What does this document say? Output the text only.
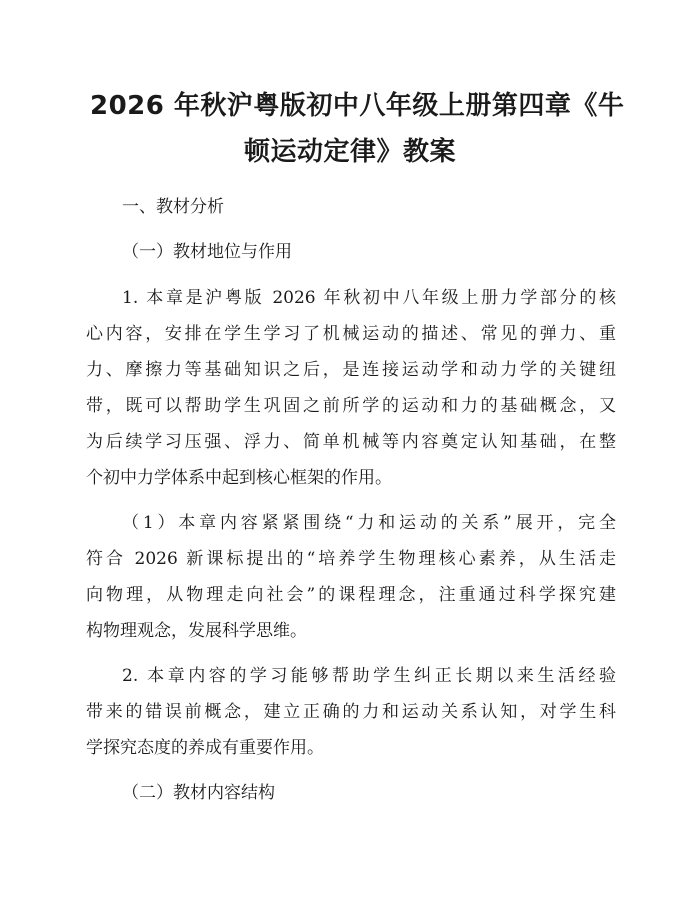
2026 年秋沪粤版初中八年级上册第四章《牛
顿运动定律》教案
一、教材分析
（一）教材地位与作用
1. 本章是沪粤版 2026 年秋初中八年级上册力学部分的核
心内容，安排在学生学习了机械运动的描述、常见的弹力、重
力、摩擦力等基础知识之后，是连接运动学和动力学的关键纽
带，既可以帮助学生巩固之前所学的运动和力的基础概念，又
为后续学习压强、浮力、简单机械等内容奠定认知基础，在整
个初中力学体系中起到核心框架的作用。
（1）本章内容紧紧围绕“力和运动的关系”展开，完全
符合 2026 新课标提出的“培养学生物理核心素养，从生活走
向物理，从物理走向社会”的课程理念，注重通过科学探究建
构物理观念，发展科学思维。
2. 本章内容的学习能够帮助学生纠正长期以来生活经验
带来的错误前概念，建立正确的力和运动关系认知，对学生科
学探究态度的养成有重要作用。
（二）教材内容结构
